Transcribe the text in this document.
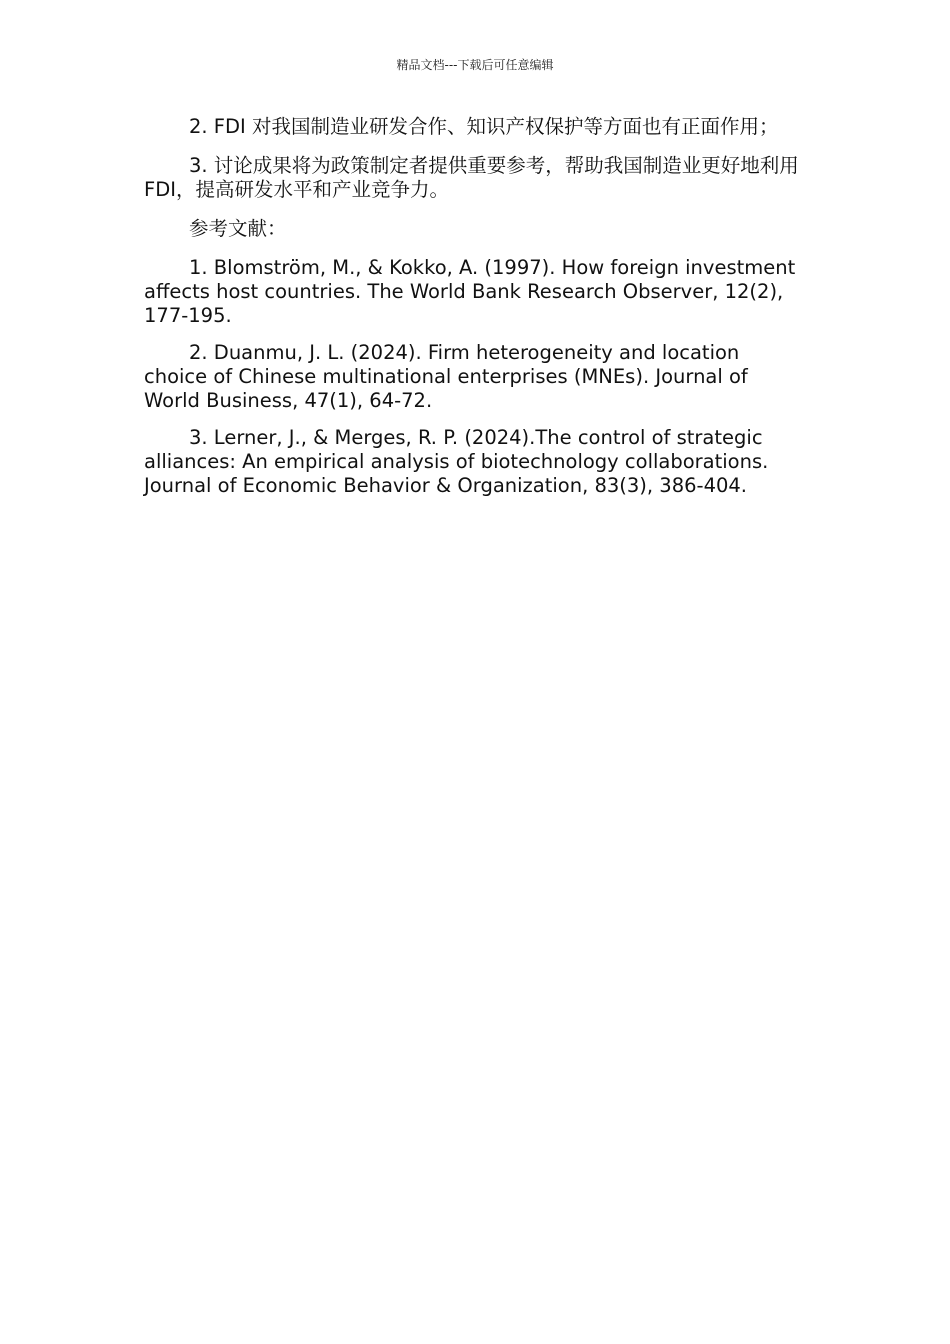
精品文档---下载后可任意编辑

2. FDI 对我国制造业研发合作、知识产权保护等方面也有正面作用；

3. 讨论成果将为政策制定者提供重要参考，帮助我国制造业更好地利用 FDI，提高研发水平和产业竞争力。

参考文献：

1. Blomström, M., & Kokko, A. (1997). How foreign investment affects host countries. The World Bank Research Observer, 12(2), 177-195.

2. Duanmu, J. L. (2024). Firm heterogeneity and location choice of Chinese multinational enterprises (MNEs). Journal of World Business, 47(1), 64-72.

3. Lerner, J., & Merges, R. P. (2024).The control of strategic alliances: An empirical analysis of biotechnology collaborations. Journal of Economic Behavior & Organization, 83(3), 386-404.
